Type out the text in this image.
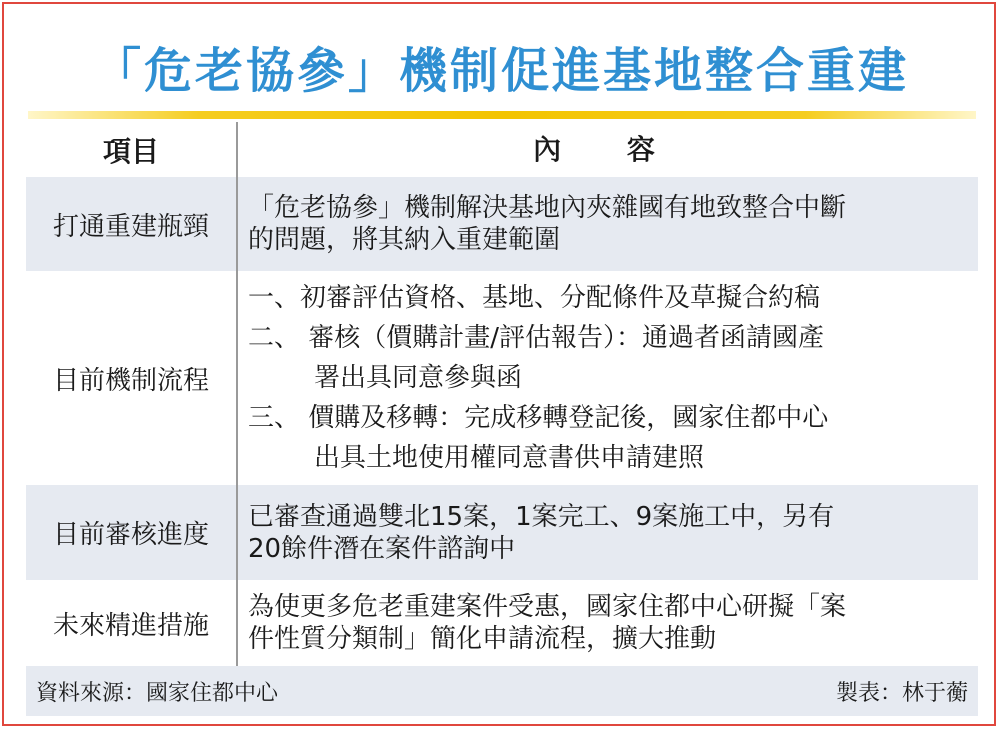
「危老協參」機制促進基地整合重建
項目	內 容
打通重建瓶頸
「危老協參」機制解決基地內夾雜國有地致整合中斷
的問題，將其納入重建範圍
目前機制流程
一、初審評估資格、基地、分配條件及草擬合約稿
二、 審核（價購計畫/評估報告）：通過者函請國產
署出具同意參與函
三、 價購及移轉：完成移轉登記後，國家住都中心
出具土地使用權同意書供申請建照
目前審核進度
已審查通過雙北15案，1案完工、9案施工中，另有
20餘件潛在案件諮詢中
未來精進措施
為使更多危老重建案件受惠，國家住都中心研擬「案
件性質分類制」簡化申請流程，擴大推動
資料來源：國家住都中心	製表：林于蘅
